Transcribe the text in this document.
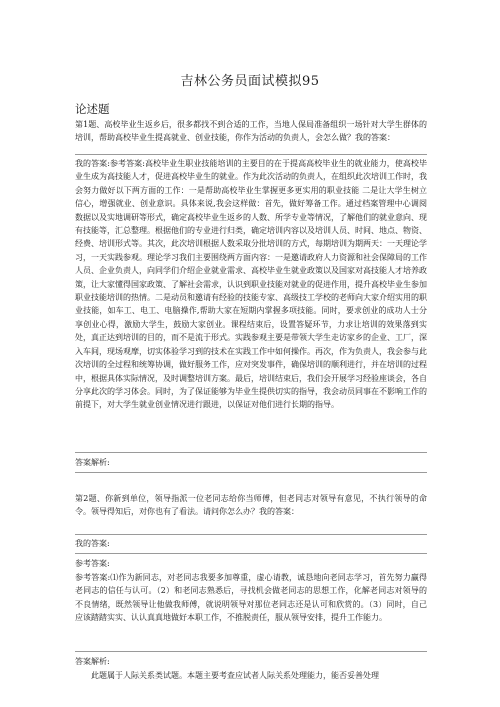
吉林公务员面试模拟95
论述题

第1题、高校毕业生返乡后，很多都找不到合适的工作，当地人保局准备组织一场针对大学生群体的培训，帮助高校毕业生提高就业、创业技能，你作为活动的负责人，会怎么做？我的答案：

我的答案:参考答案:高校毕业生职业技能培训的主要目的在于提高高校毕业生的就业能力，使高校毕业生成为高技能人才，促进高校毕业生的就业。作为此次活动的负责人，在组织此次培训工作时，我会努力做好以下两方面的工作：一是帮助高校毕业生掌握更多更实用的职业技能 二是让大学生树立信心，增强就业、创业意识。具体来说,我会这样做：首先，做好筹备工作。通过档案管理中心调阅数据以及实地调研等形式，确定高校毕业生返乡的人数、所学专业等情况，了解他们的就业意向、现有技能等，汇总整理。根据他们的专业进行归类，确定培训内容以及培训人员、时间、地点、物资、经费、培训形式等。其次，此次培训根据人数采取分批培训的方式，每期培训为期两天：一天理论学习，一天实践参观。理论学习我们主要围绕两方面内容：一是邀请政府人力资源和社会保障局的工作人员、企业负责人，向同学们介绍企业就业需求、高校毕业生就业政策以及国家对高技能人才培养政策，让大家懂得国家政策、了解社会需求，认识到职业技能对就业的促进作用，提升高校毕业生参加职业技能培训的热情。二是动员和邀请有经验的技能专家、高级技工学校的老师向大家介绍实用的职业技能，如车工、电工、电脑操作,帮助大家在短期内掌握多项技能。同时，要求创业的成功人士分享创业心得，激励大学生，鼓励大家创业。课程结束后，设置答疑环节，力求让培训的效果落到实处，真正达到培训的目的，而不是流于形式。实践参观主要是带领大学生走访家乡的企业、工厂，深入车间，现场观摩，切实体验学习到的技术在实践工作中如何操作。再次，作为负责人，我会参与此次培训的全过程和统筹协调，做好服务工作，应对突发事件，确保培训的顺利进行，并在培训的过程中，根据具体实际情况，及时调整培训方案。最后，培训结束后，我们会开展学习经验座谈会，各自分享此次的学习体会。同时，为了保证能够为毕业生提供切实的指导，我会动员同事在不影响工作的前提下，对大学生就业创业情况进行跟进，以保证对他们进行长期的指导。

答案解析:

第2题、你新到单位，领导指派一位老同志给你当师傅，但老同志对领导有意见，不执行领导的命令。领导得知后，对你也有了看法。请问你怎么办？我的答案：

我的答案:

参考答案:

参考答案:⑴作为新同志，对老同志我要多加尊重，虚心请教，诚恳地向老同志学习，首先努力赢得老同志的信任与认可。（2）和老同志熟悉后，寻找机会做老同志的思想工作，化解老同志对领导的不良情绪，既然领导让他做我师傅，就说明领导对那位老同志还是认可和欣赏的。（3）同时，自己应该踏踏实实、认认真真地做好本职工作，不推脱责任，服从领导安排，提升工作能力。

答案解析:

此题属于人际关系类试题。本题主要考查应试者人际关系处理能力，能否妥善处理
